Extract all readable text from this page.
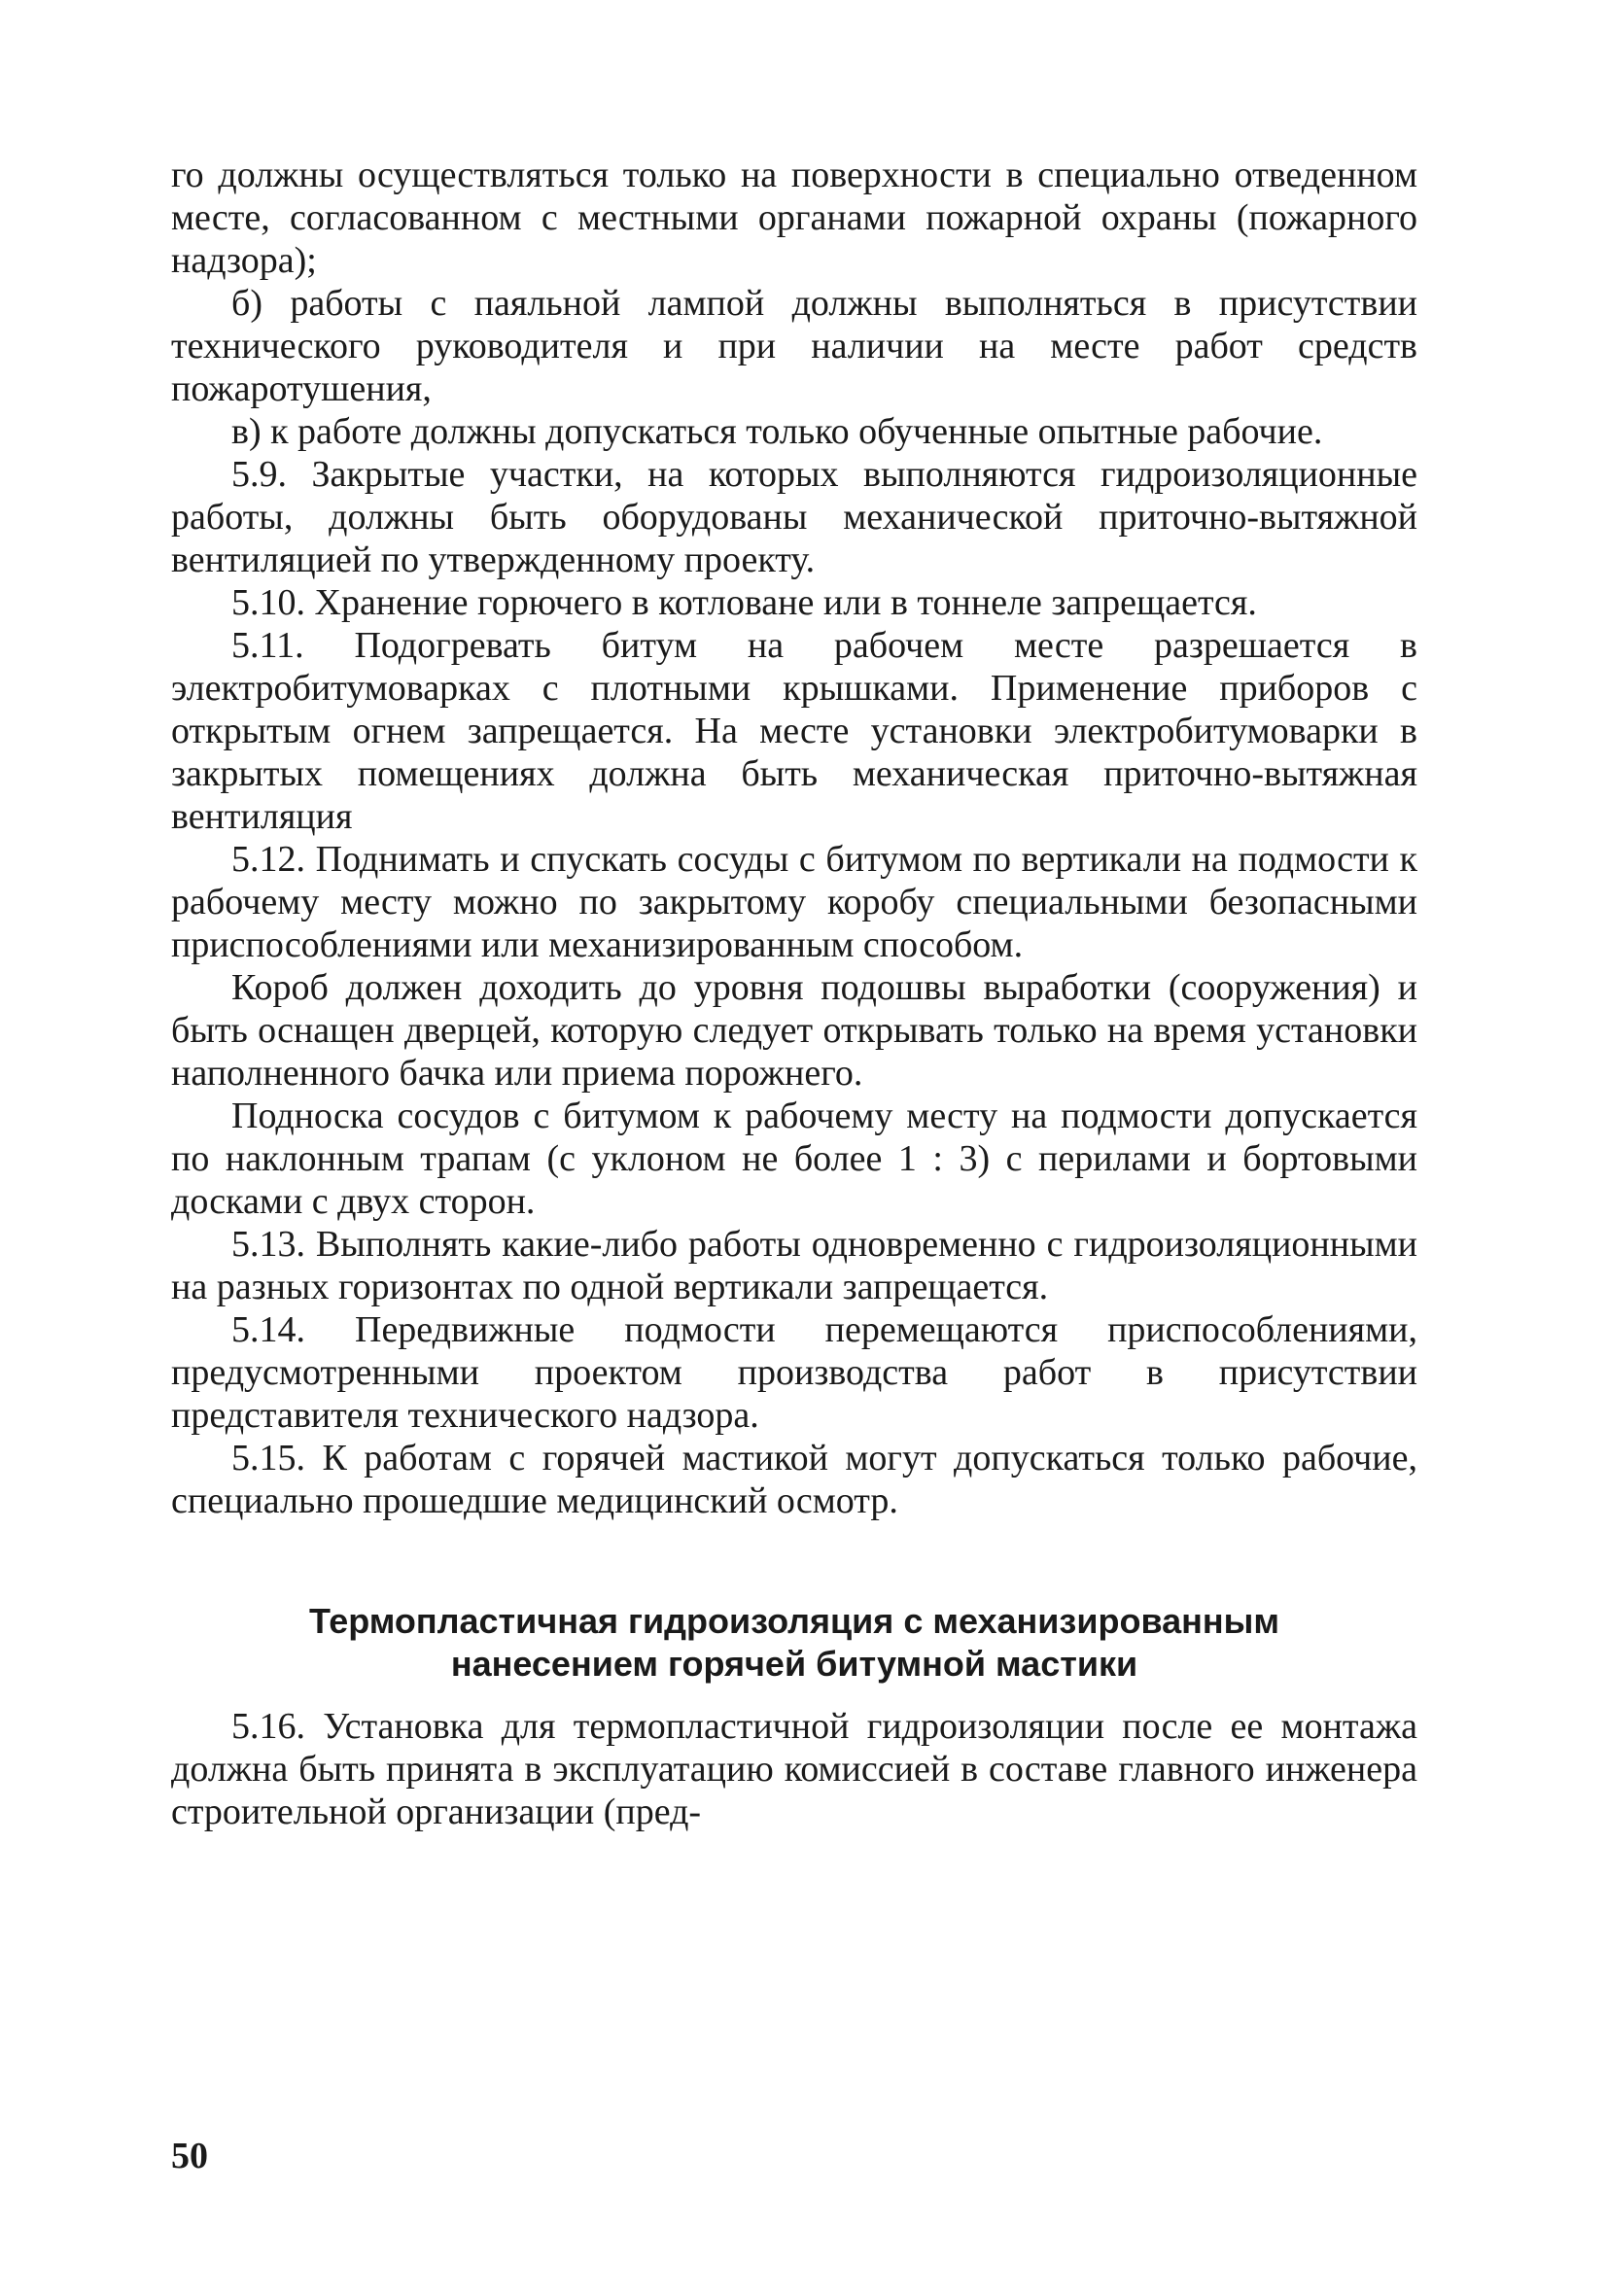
го должны осуществляться только на поверхности в специально отведенном месте, согласованном с местными органами пожарной охраны (пожарного надзора);

б) работы с паяльной лампой должны выполняться в присутствии технического руководителя и при наличии на месте работ средств пожаротушения,

в) к работе должны допускаться только обученные опытные рабочие.

5.9. Закрытые участки, на которых выполняются гидроизоляционные работы, должны быть оборудованы механической приточно-вытяжной вентиляцией по утвержденному проекту.

5.10. Хранение горючего в котловане или в тоннеле запрещается.

5.11. Подогревать битум на рабочем месте разрешается в электробитумоварках с плотными крышками. Применение приборов с открытым огнем запрещается. На месте установки электробитумоварки в закрытых помещениях должна быть механическая приточно-вытяжная вентиляция

5.12. Поднимать и спускать сосуды с битумом по вертикали на подмости к рабочему месту можно по закрытому коробу специальными безопасными приспособлениями или механизированным способом.

Короб должен доходить до уровня подошвы выработки (сооружения) и быть оснащен дверцей, которую следует открывать только на время установки наполненного бачка или приема порожнего.

Подноска сосудов с битумом к рабочему месту на подмости допускается по наклонным трапам (с уклоном не более 1 : 3) с перилами и бортовыми досками с двух сторон.

5.13. Выполнять какие-либо работы одновременно с гидроизоляционными на разных горизонтах по одной вертикали запрещается.

5.14. Передвижные подмости перемещаются приспособлениями, предусмотренными проектом производства работ в присутствии представителя технического надзора.

5.15. К работам с горячей мастикой могут допускаться только рабочие, специально прошедшие медицинский осмотр.

Термопластичная гидроизоляция с механизированным нанесением горячей битумной мастики

5.16. Установка для термопластичной гидроизоляции после ее монтажа должна быть принята в эксплуатацию комиссией в составе главного инженера строительной организации (пред-

50
